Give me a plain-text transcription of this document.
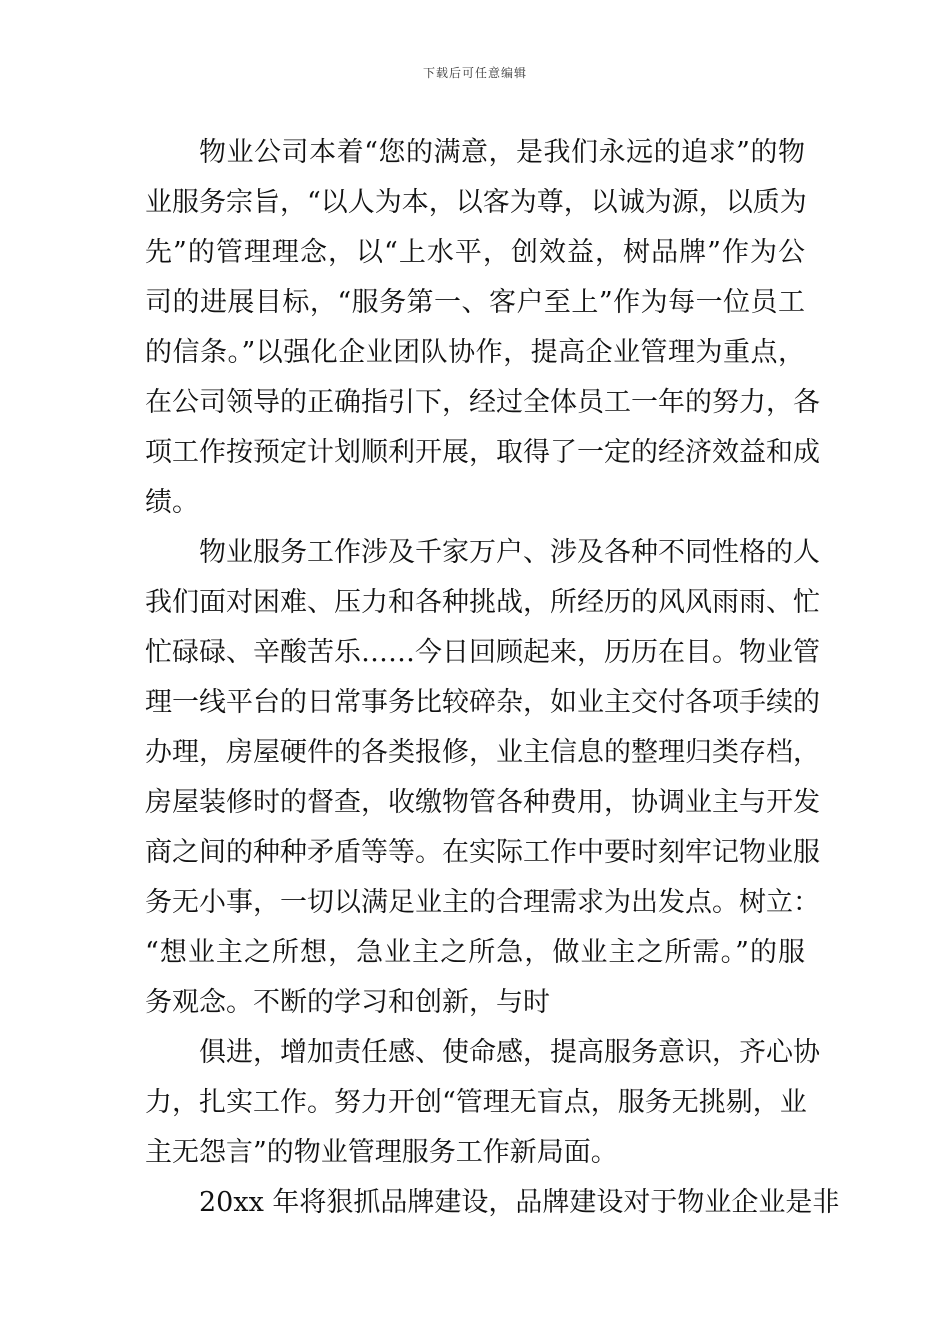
下载后可任意编辑
物业公司本着“您的满意，是我们永远的追求”的物
业服务宗旨，“以人为本，以客为尊，以诚为源，以质为
先”的管理理念，以“上水平，创效益，树品牌”作为公
司的进展目标，“服务第一、客户至上”作为每一位员工
的信条。”以强化企业团队协作，提高企业管理为重点，
在公司领导的正确指引下，经过全体员工一年的努力，各
项工作按预定计划顺利开展，取得了一定的经济效益和成
绩。
物业服务工作涉及千家万户、涉及各种不同性格的人
我们面对困难、压力和各种挑战，所经历的风风雨雨、忙
忙碌碌、辛酸苦乐……今日回顾起来，历历在目。物业管
理一线平台的日常事务比较碎杂，如业主交付各项手续的
办理，房屋硬件的各类报修，业主信息的整理归类存档，
房屋装修时的督查，收缴物管各种费用，协调业主与开发
商之间的种种矛盾等等。在实际工作中要时刻牢记物业服
务无小事，一切以满足业主的合理需求为出发点。树立：
“想业主之所想，急业主之所急，做业主之所需。”的服
务观念。不断的学习和创新，与时
俱进，增加责任感、使命感，提高服务意识，齐心协
力，扎实工作。努力开创“管理无盲点，服务无挑剔，业
主无怨言”的物业管理服务工作新局面。
20xx 年将狠抓品牌建设，品牌建设对于物业企业是非
